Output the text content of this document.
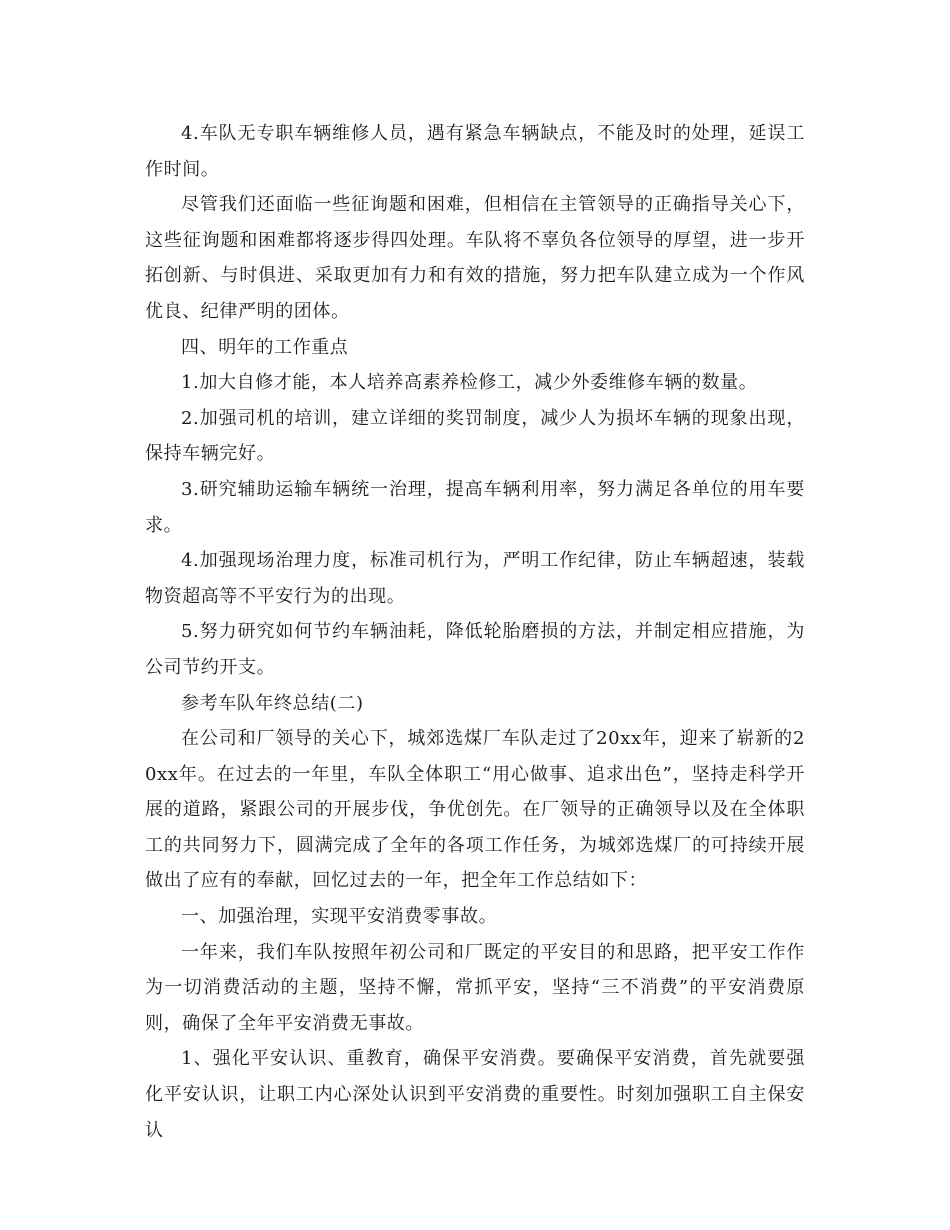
4.车队无专职车辆维修人员，遇有紧急车辆缺点，不能及时的处理，延误工作时间。

尽管我们还面临一些征询题和困难，但相信在主管领导的正确指导关心下，这些征询题和困难都将逐步得四处理。车队将不辜负各位领导的厚望，进一步开拓创新、与时俱进、采取更加有力和有效的措施，努力把车队建立成为一个作风优良、纪律严明的团体。

四、明年的工作重点

1.加大自修才能，本人培养高素养检修工，减少外委维修车辆的数量。

2.加强司机的培训，建立详细的奖罚制度，减少人为损坏车辆的现象出现，保持车辆完好。

3.研究辅助运输车辆统一治理，提高车辆利用率，努力满足各单位的用车要求。

4.加强现场治理力度，标准司机行为，严明工作纪律，防止车辆超速，装载物资超高等不平安行为的出现。

5.努力研究如何节约车辆油耗，降低轮胎磨损的方法，并制定相应措施，为公司节约开支。

参考车队年终总结(二)

在公司和厂领导的关心下，城郊选煤厂车队走过了20xx年，迎来了崭新的20xx年。在过去的一年里，车队全体职工“用心做事、追求出色”，坚持走科学开展的道路，紧跟公司的开展步伐，争优创先。在厂领导的正确领导以及在全体职工的共同努力下，圆满完成了全年的各项工作任务，为城郊选煤厂的可持续开展做出了应有的奉献，回忆过去的一年，把全年工作总结如下：

一、加强治理，实现平安消费零事故。

一年来，我们车队按照年初公司和厂既定的平安目的和思路，把平安工作作为一切消费活动的主题，坚持不懈，常抓平安，坚持“三不消费”的平安消费原则，确保了全年平安消费无事故。

1、强化平安认识、重教育，确保平安消费。要确保平安消费，首先就要强化平安认识，让职工内心深处认识到平安消费的重要性。时刻加强职工自主保安认
